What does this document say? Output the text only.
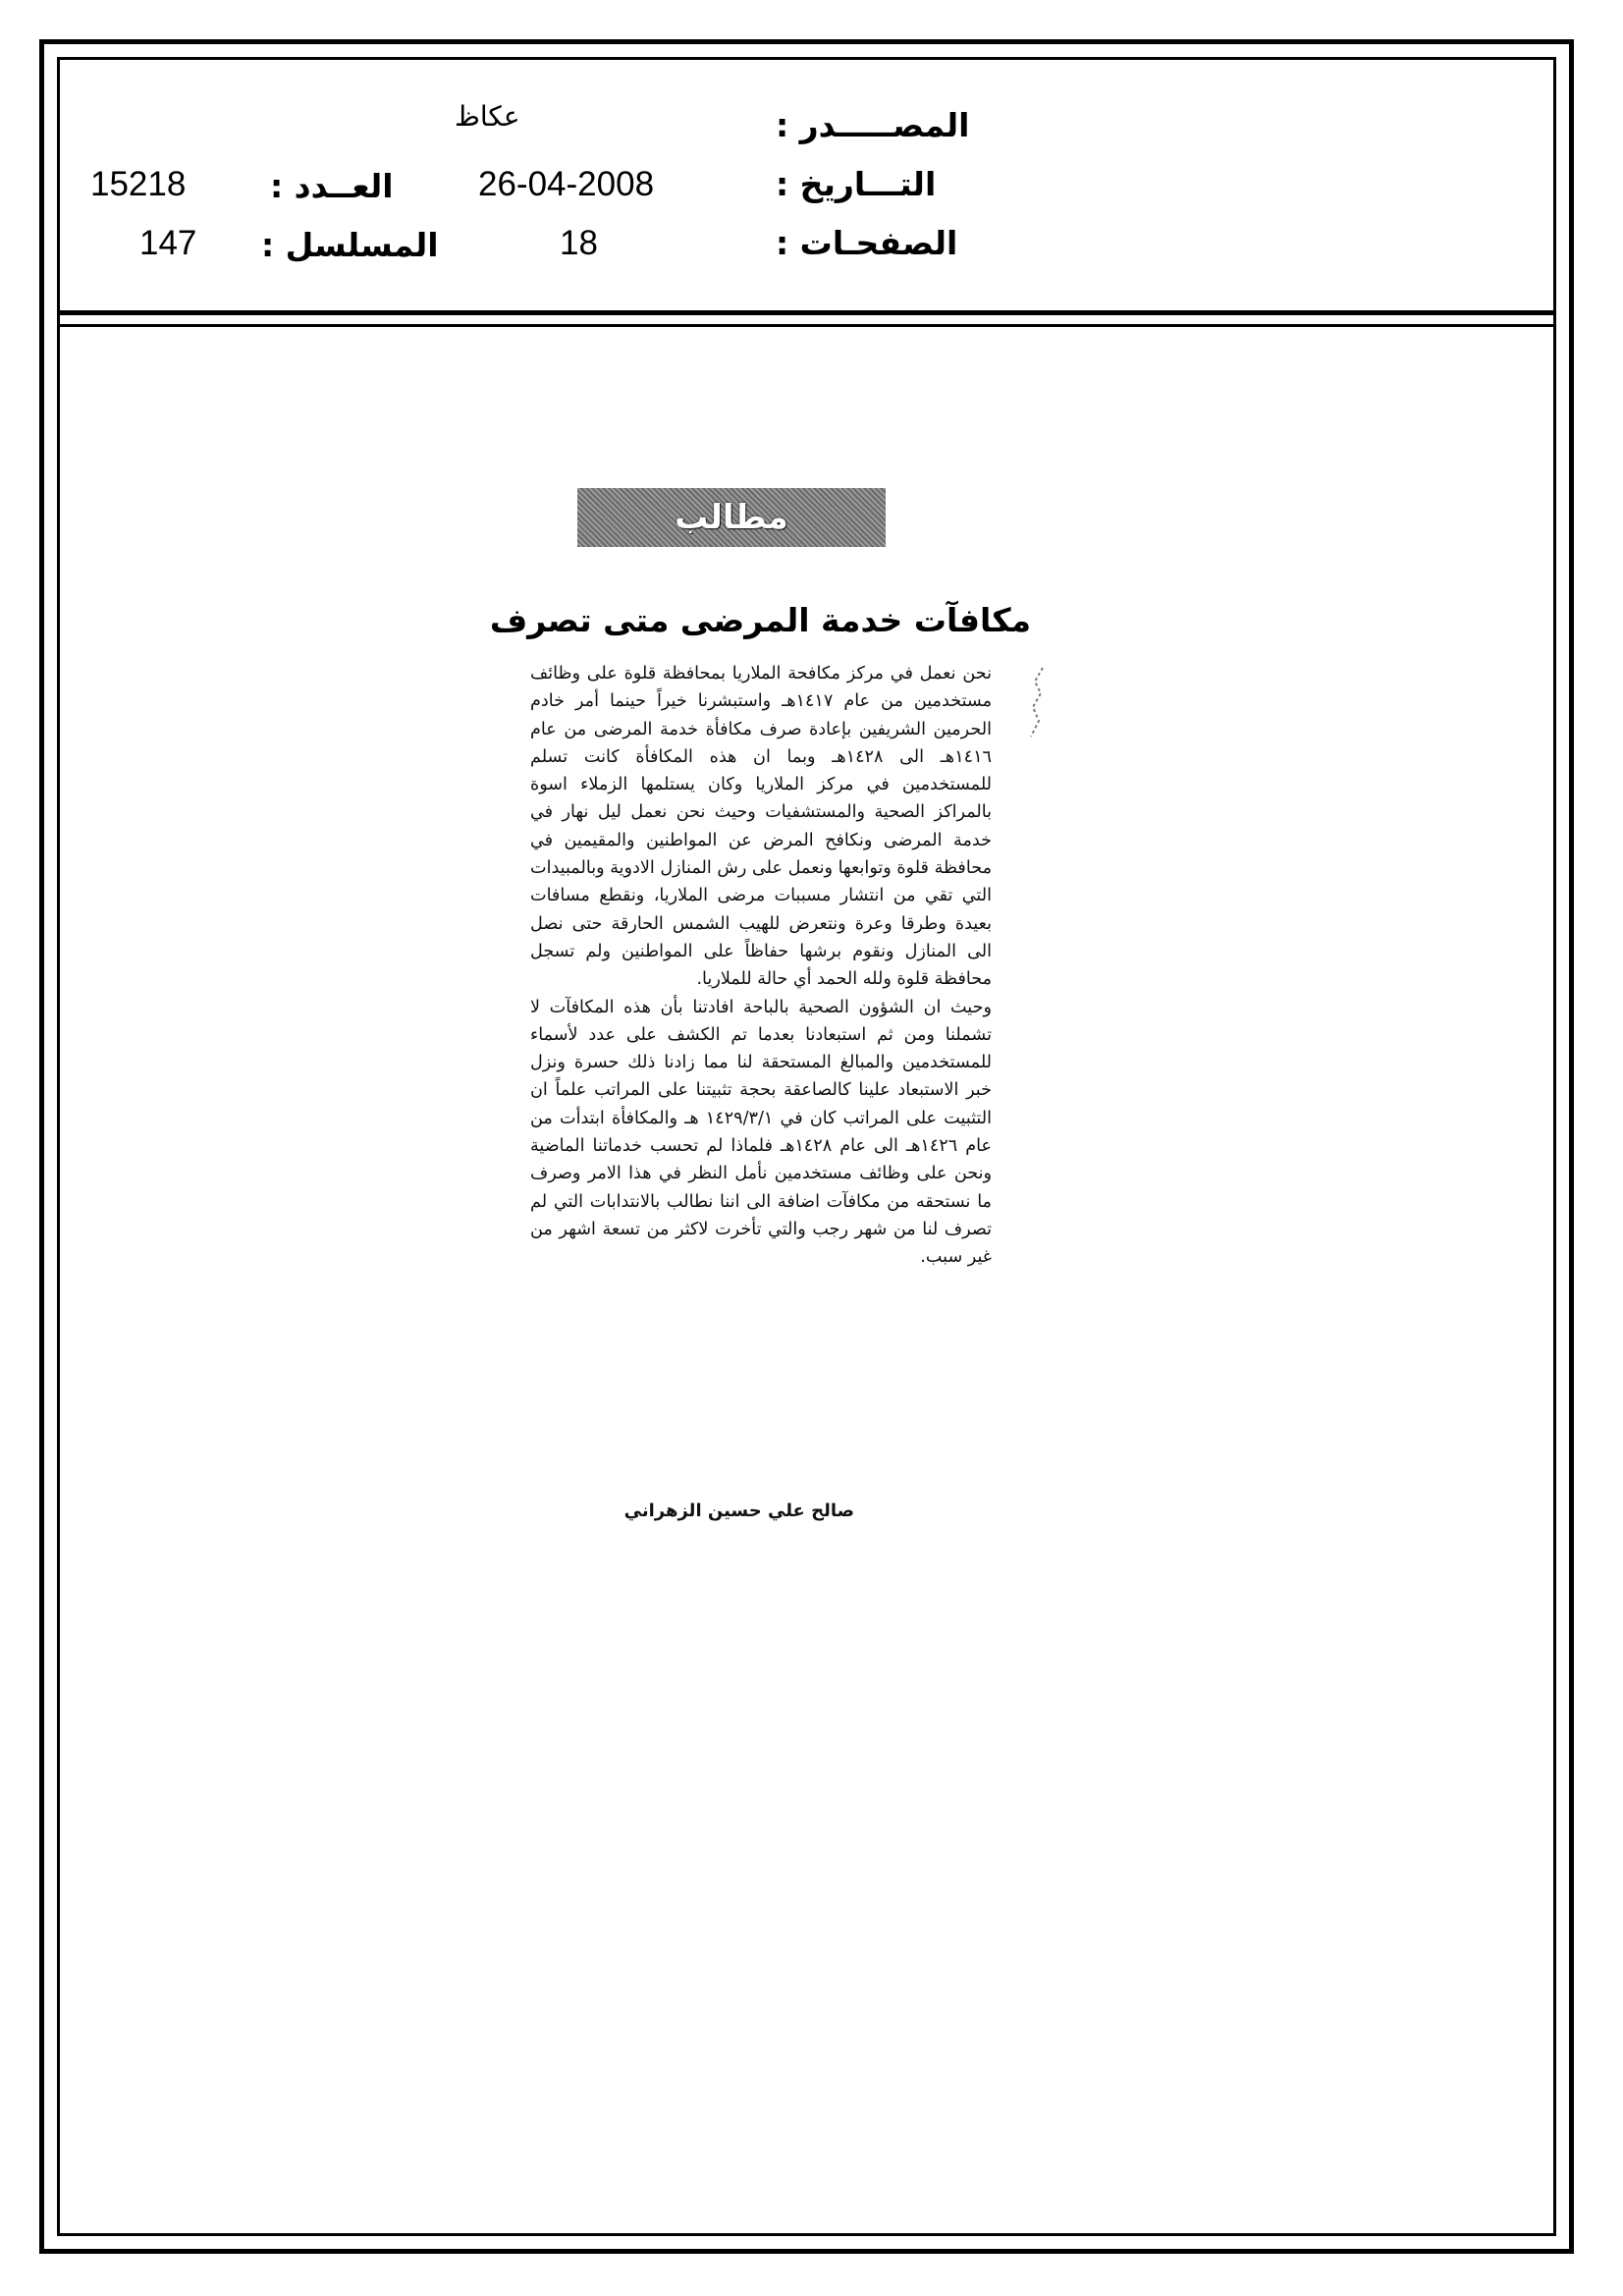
المصـــــدر :
عكاظ
التـــاريخ :
26-04-2008
العــدد :
15218
الصفحـات :
18
المسلسل :
147
مطالب
مكافآت خدمة المرضى متى تصرف

نحن نعمل في مركز مكافحة الملاريا بمحافظة قلوة على وظائف مستخدمين من عام ١٤١٧هـ واستبشرنا خيراً حينما أمر خادم الحرمين الشريفين بإعادة صرف مكافأة خدمة المرضى من عام ١٤١٦هـ الى ١٤٢٨هـ وبما ان هذه المكافأة كانت تسلم للمستخدمين في مركز الملاريا وكان يستلمها الزملاء اسوة بالمراكز الصحية والمستشفيات وحيث نحن نعمل ليل نهار في خدمة المرضى ونكافح المرض عن المواطنين والمقيمين في محافظة قلوة وتوابعها ونعمل على رش المنازل الادوية وبالمبيدات التي تقي من انتشار مسببات مرضى الملاريا، ونقطع مسافات بعيدة وطرقا وعرة ونتعرض للهيب الشمس الحارقة حتى نصل الى المنازل ونقوم برشها حفاظاً على المواطنين ولم تسجل محافظة قلوة ولله الحمد أي حالة للملاريا.

وحيث ان الشؤون الصحية بالباحة افادتنا بأن هذه المكافآت لا تشملنا ومن ثم استبعادنا بعدما تم الكشف على عدد لأسماء للمستخدمين والمبالغ المستحقة لنا مما زادنا ذلك حسرة ونزل خبر الاستبعاد علينا كالصاعقة بحجة تثبيتنا على المراتب علماً ان التثبيت على المراتب كان في ١٤٢٩/٣/١ هـ والمكافأة ابتدأت من عام ١٤٢٦هـ الى عام ١٤٢٨هـ فلماذا لم تحسب خدماتنا الماضية ونحن على وظائف مستخدمين نأمل النظر في هذا الامر وصرف ما نستحقه من مكافآت اضافة الى اننا نطالب بالانتدابات التي لم تصرف لنا من شهر رجب والتي تأخرت لاكثر من تسعة اشهر من غير سبب.

صالح علي حسين الزهراني
